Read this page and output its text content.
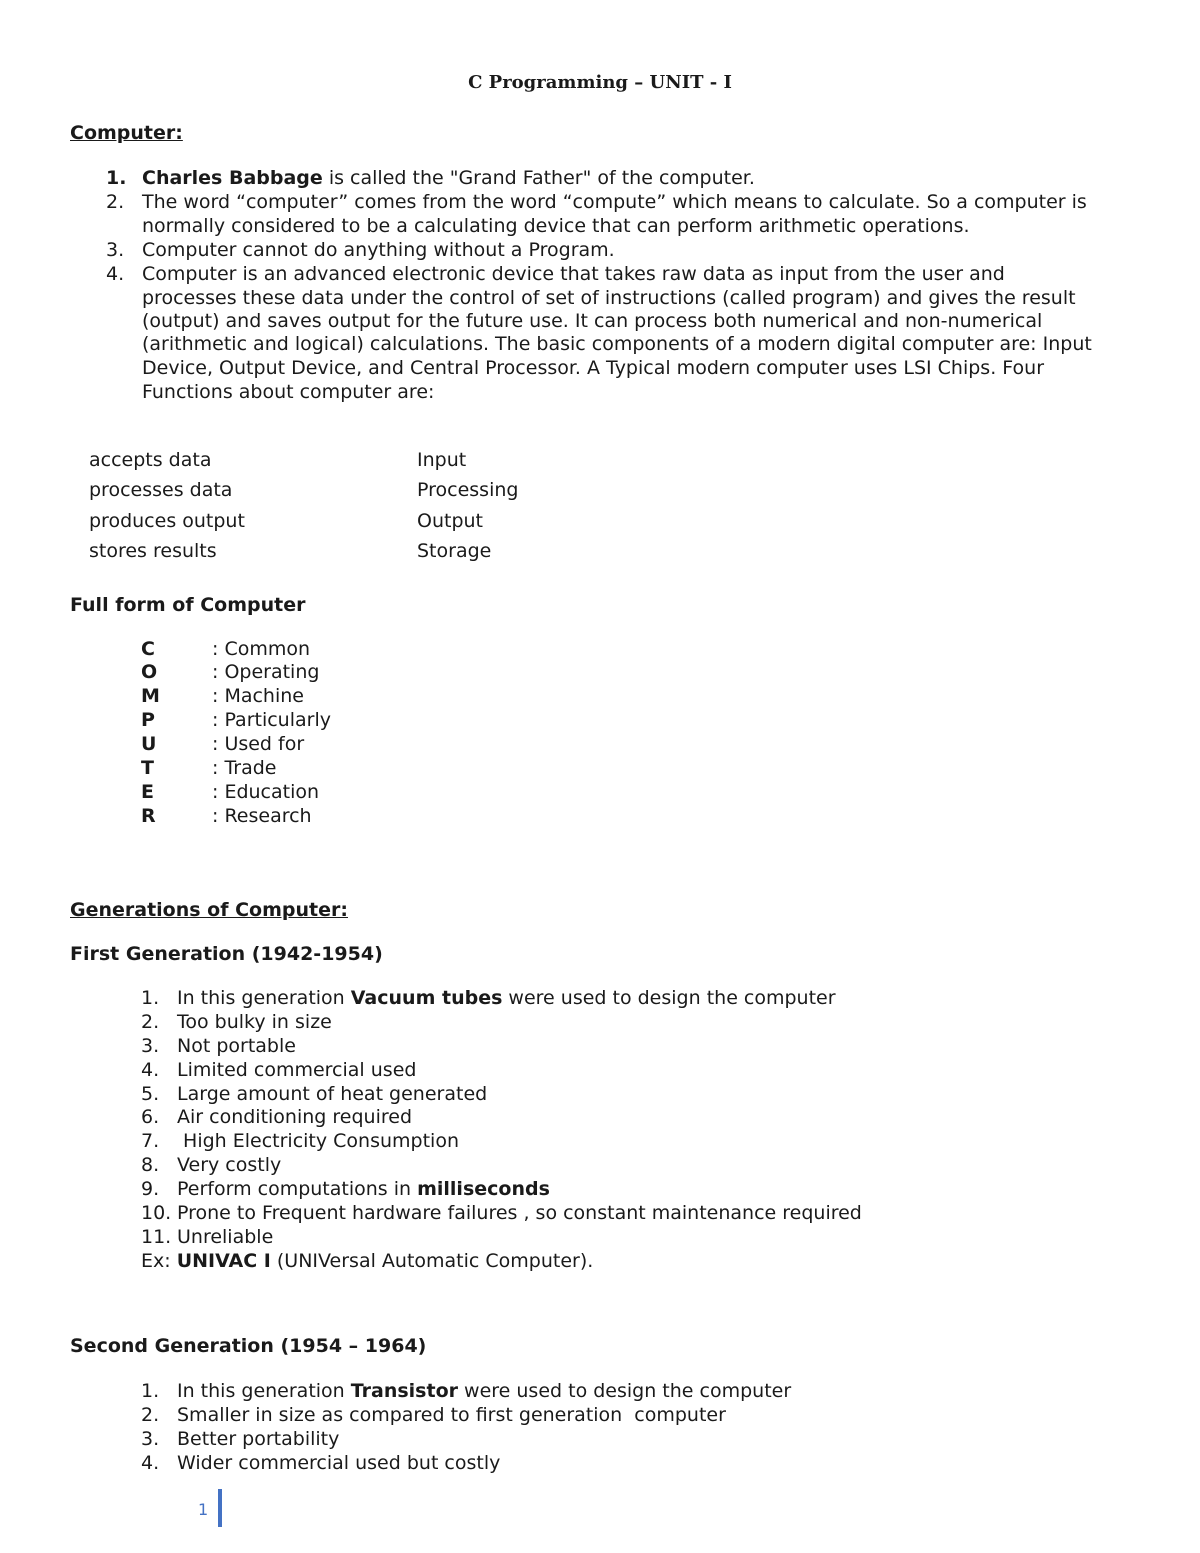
C Programming – UNIT - I
Computer:
1. Charles Babbage is called the "Grand Father" of the computer.
2. The word “computer” comes from the word “compute” which means to calculate. So a computer is
normally considered to be a calculating device that can perform arithmetic operations.
3. Computer cannot do anything without a Program.
4. Computer is an advanced electronic device that takes raw data as input from the user and
processes these data under the control of set of instructions (called program) and gives the result
(output) and saves output for the future use. It can process both numerical and non-numerical
(arithmetic and logical) calculations. The basic components of a modern digital computer are: Input
Device, Output Device, and Central Processor. A Typical modern computer uses LSI Chips. Four
Functions about computer are:
accepts data	Input
processes data	Processing
produces output	Output
stores results	Storage
Full form of Computer
C	: Common
O	: Operating
M	: Machine
P	: Particularly
U	: Used for
T	: Trade
E	: Education
R	: Research
Generations of Computer:
First Generation (1942-1954)
1. In this generation Vacuum tubes were used to design the computer
2. Too bulky in size
3. Not portable
4. Limited commercial used
5. Large amount of heat generated
6. Air conditioning required
7. High Electricity Consumption
8. Very costly
9. Perform computations in milliseconds
10. Prone to Frequent hardware failures , so constant maintenance required
11. Unreliable
Ex: UNIVAC I (UNIVersal Automatic Computer).
Second Generation (1954 – 1964)
1. In this generation Transistor were used to design the computer
2. Smaller in size as compared to first generation  computer
3. Better portability
4. Wider commercial used but costly
1
